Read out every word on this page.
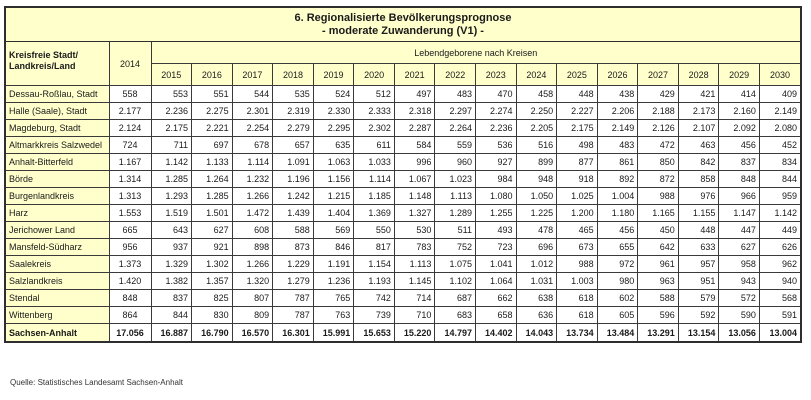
6. Regionalisierte Bevölkerungsprognose
- moderate Zuwanderung (V1) -
Kreisfreie Stadt/ Landkreis/Land	2014	Lebendgeborene nach Kreisen															
		2015	2016	2017	2018	2019	2020	2021	2022	2023	2024	2025	2026	2027	2028	2029	2030
Dessau-Roßlau, Stadt	558	553	551	544	535	524	512	497	483	470	458	448	438	429	421	414	409
Halle (Saale), Stadt	2.177	2.236	2.275	2.301	2.319	2.330	2.333	2.318	2.297	2.274	2.250	2.227	2.206	2.188	2.173	2.160	2.149
Magdeburg, Stadt	2.124	2.175	2.221	2.254	2.279	2.295	2.302	2.287	2.264	2.236	2.205	2.175	2.149	2.126	2.107	2.092	2.080
Altmarkkreis Salzwedel	724	711	697	678	657	635	611	584	559	536	516	498	483	472	463	456	452
Anhalt-Bitterfeld	1.167	1.142	1.133	1.114	1.091	1.063	1.033	996	960	927	899	877	861	850	842	837	834
Börde	1.314	1.285	1.264	1.232	1.196	1.156	1.114	1.067	1.023	984	948	918	892	872	858	848	844
Burgenlandkreis	1.313	1.293	1.285	1.266	1.242	1.215	1.185	1.148	1.113	1.080	1.050	1.025	1.004	988	976	966	959
Harz	1.553	1.519	1.501	1.472	1.439	1.404	1.369	1.327	1.289	1.255	1.225	1.200	1.180	1.165	1.155	1.147	1.142
Jerichower Land	665	643	627	608	588	569	550	530	511	493	478	465	456	450	448	447	449
Mansfeld-Südharz	956	937	921	898	873	846	817	783	752	723	696	673	655	642	633	627	626
Saalekreis	1.373	1.329	1.302	1.266	1.229	1.191	1.154	1.113	1.075	1.041	1.012	988	972	961	957	958	962
Salzlandkreis	1.420	1.382	1.357	1.320	1.279	1.236	1.193	1.145	1.102	1.064	1.031	1.003	980	963	951	943	940
Stendal	848	837	825	807	787	765	742	714	687	662	638	618	602	588	579	572	568
Wittenberg	864	844	830	809	787	763	739	710	683	658	636	618	605	596	592	590	591
Sachsen-Anhalt	17.056	16.887	16.790	16.570	16.301	15.991	15.653	15.220	14.797	14.402	14.043	13.734	13.484	13.291	13.154	13.056	13.004
Quelle: Statistisches Landesamt Sachsen-Anhalt
